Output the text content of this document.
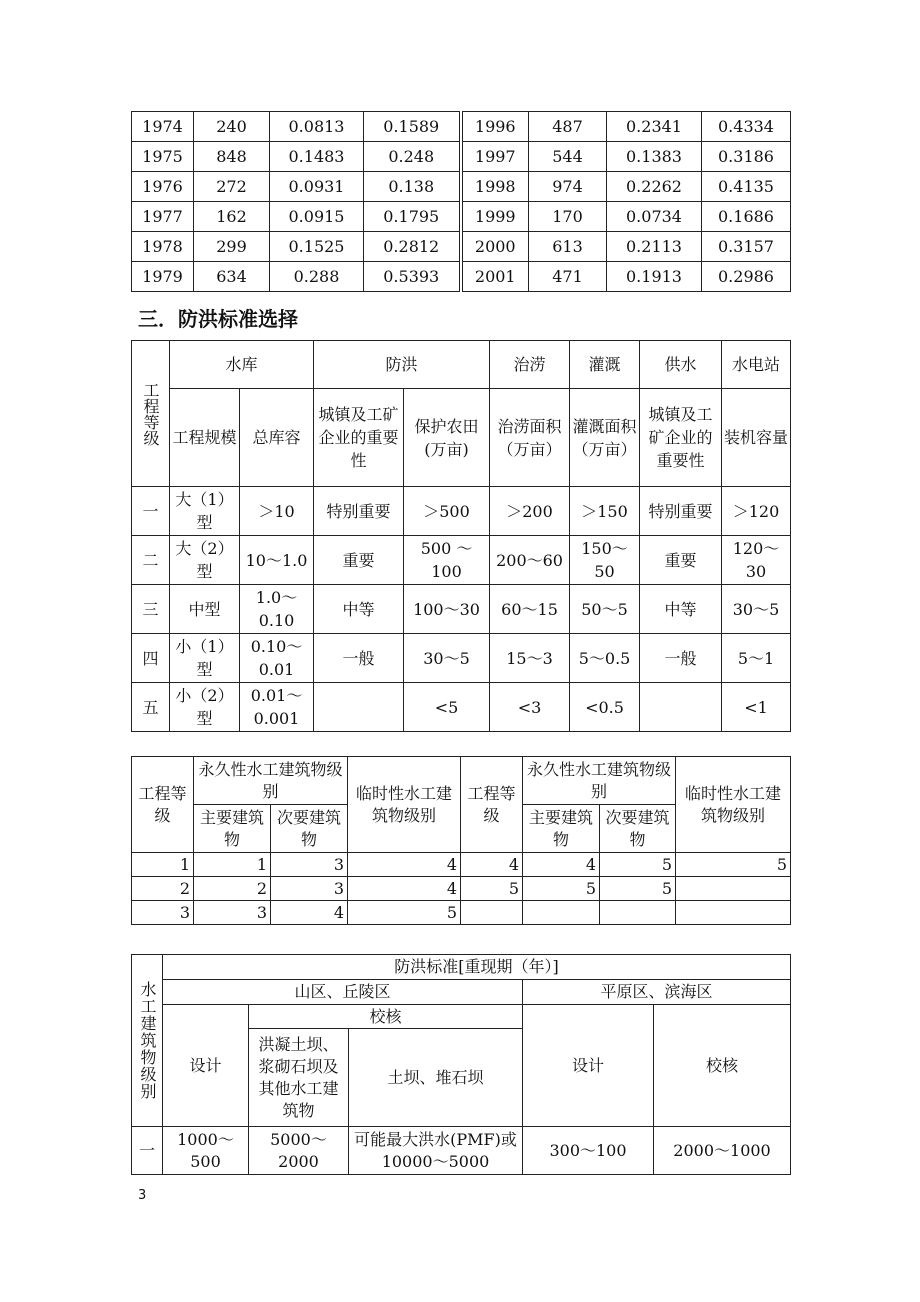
1974	240	0.0813	0.1589	1996	487	0.2341	0.4334
1975	848	0.1483	0.248	1997	544	0.1383	0.3186
1976	272	0.0931	0.138	1998	974	0.2262	0.4135
1977	162	0.0915	0.1795	1999	170	0.0734	0.1686
1978	299	0.1525	0.2812	2000	613	0.2113	0.3157
1979	634	0.288	0.5393	2001	471	0.1913	0.2986
三．防洪标准选择
工程等级	水库		防洪		治涝	灌溉	供水	水电站
	工程规模	总库容	城镇及工矿企业的重要性	保护农田(万亩)	治涝面积（万亩）	灌溉面积（万亩）	城镇及工矿企业的重要性	装机容量
一	大（1）型	＞10	特别重要	＞500	＞200	＞150	特别重要	＞120
二	大（2）型	10～1.0	重要	500 ～100	200～60	150～50	重要	120～30
三	中型	1.0～0.10	中等	100～30	60～15	50～5	中等	30～5
四	小（1）型	0.10～0.01	一般	30～5	15～3	5～0.5	一般	5～1
五	小（2）型	0.01～0.001		<5	<3	<0.5		<1
工程等级	永久性水工建筑物级别		临时性水工建筑物级别	工程等级	永久性水工建筑物级别		临时性水工建筑物级别
	主要建筑物	次要建筑物			主要建筑物	次要建筑物	
1	1	3	4	4	4	5	5
2	2	3	4	5	5	5	
3	3	4	5				
水工建筑物级别	防洪标准[重现期（年）]				
	山区、丘陵区			平原区、滨海区	
	设计	校核		设计	校核
		洪凝土坝、浆砌石坝及其他水工建筑物	土坝、堆石坝		

一	1000～500	5000～2000	可能最大洪水(PMF)或10000～5000	300～100	2000～1000
3
